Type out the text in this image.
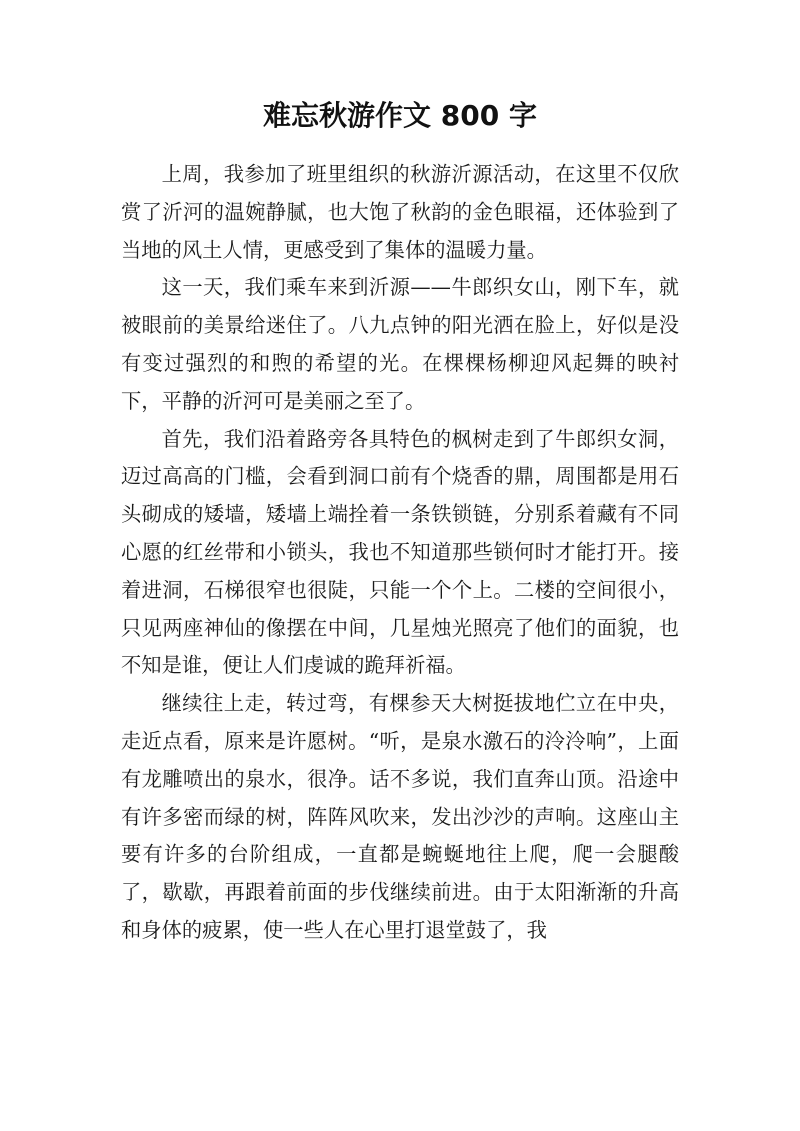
难忘秋游作文 800 字

上周，我参加了班里组织的秋游沂源活动，在这里不仅欣赏了沂河的温婉静腻，也大饱了秋韵的金色眼福，还体验到了当地的风土人情，更感受到了集体的温暖力量。

这一天，我们乘车来到沂源——牛郎织女山，刚下车，就被眼前的美景给迷住了。八九点钟的阳光洒在脸上，好似是没有变过强烈的和煦的希望的光。在棵棵杨柳迎风起舞的映衬下，平静的沂河可是美丽之至了。

首先，我们沿着路旁各具特色的枫树走到了牛郎织女洞，迈过高高的门槛，会看到洞口前有个烧香的鼎，周围都是用石头砌成的矮墙，矮墙上端拴着一条铁锁链，分别系着藏有不同心愿的红丝带和小锁头，我也不知道那些锁何时才能打开。接着进洞，石梯很窄也很陡，只能一个个上。二楼的空间很小，只见两座神仙的像摆在中间，几星烛光照亮了他们的面貌，也不知是谁，便让人们虔诚的跪拜祈福。

继续往上走，转过弯，有棵参天大树挺拔地伫立在中央，走近点看，原来是许愿树。“听，是泉水激石的泠泠响”，上面有龙雕喷出的泉水，很净。话不多说，我们直奔山顶。沿途中有许多密而绿的树，阵阵风吹来，发出沙沙的声响。这座山主要有许多的台阶组成，一直都是蜿蜒地往上爬，爬一会腿酸了，歇歇，再跟着前面的步伐继续前进。由于太阳渐渐的升高和身体的疲累，使一些人在心里打退堂鼓了，我
